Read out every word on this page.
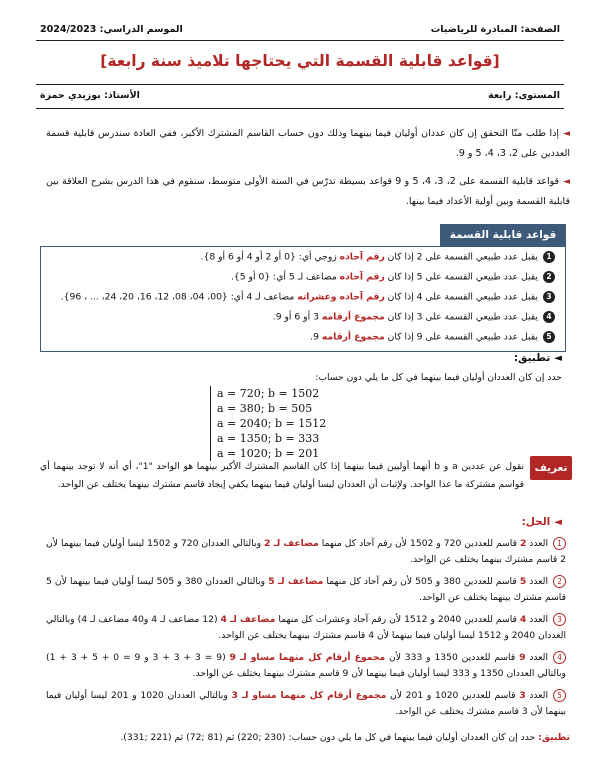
الصفحة: المبادرة للرياضيات
الموسم الدراسي: 2024/2023
[قواعد قابلية القسمة التي يحتاجها تلاميذ سنة رابعة]
المستوى: رابعة
الأستاذ: بوزيدي حمزة
◄إذا طلب منّا التحقق إن كان عددان أوليان فيما بينهما وذلك دون حساب القاسم المشترك الأكبر، ففي العادة سندرس قابلية قسمة العددين على 2، 3، 4، 5 و 9.
◄قواعد قابلية القسمة على 2، 3، 4، 5 و 9 قواعد بسيطة تدرّس في السنة الأولى متوسط، سنقوم في هذا الدرس بشرح العلاقة بين قابلية القسمة وبين أولية الأعداد فيما بينها.
قواعد قابلية القسمة
1يقبل عدد طبيعي القسمة على 2 إذا كان رقم آحاده زوجي أي: {0 أو 2 أو 4 أو 6 أو 8}.
2يقبل عدد طبيعي القسمة على 5 إذا كان رقم آحاده مضاعف لـ 5 أي: {0 أو 5}.
3يقبل عدد طبيعي القسمة على 4 إذا كان رقم آحاده وعشراته مضاعف لـ 4 أي: {00، 04، 08، 12، 16، 20، 24، ... ، 96}.
4يقبل عدد طبيعي القسمة على 3 إذا كان مجموع أرقامه 3 أو 6 أو 9.
5يقبل عدد طبيعي القسمة على 9 إذا كان مجموع أرقامه 9.
◄ تطبيق:
حدد إن كان العددان أوليان فيما بينهما في كل ما يلي دون حساب:
a = 720; b = 1502
a = 380; b = 505
a = 2040; b = 1512
a = 1350; b = 333
a = 1020; b = 201
تعريف
نقول عن عددين a و b أنهما أوليين فيما بينهما إذا كان القاسم المشترك الأكبر بينهما هو الواحد "1"، أي أنه لا توجد بينهما أي قواسم مشتركة ما عدا الواحد. ولإثبات أن العددان ليسا أوليان فيما بينهما يكفي إيجاد قاسم مشترك بينهما يختلف عن الواحد.
◄ الحل:
1العدد 2 قاسم للعددين 720 و 1502 لأن رقم آحاد كل منهما مضاعف لـ 2 وبالتالي العددان 720 و 1502 ليسا أوليان فيما بينهما لأن 2 قاسم مشترك بينهما يختلف عن الواحد.
2العدد 5 قاسم للعددين 380 و 505 لأن رقم آحاد كل منهما مضاعف لـ 5 وبالتالي العددان 380 و 505 ليسا أوليان فيما بينهما لأن 5 قاسم مشترك بينهما يختلف عن الواحد.
3العدد 4 قاسم للعددين 2040 و 1512 لأن رقم آحاد وعشرات كل منهما مضاعف لـ 4 (12 مضاعف لـ 4 و40 مضاعف لـ 4) وبالتالي العددان 2040 و 1512 ليسا أوليان فيما بينهما لأن 4 قاسم مشترك بينهما يختلف عن الواحد.
4العدد 9 قاسم للعددين 1350 و 333 لأن مجموع أرقام كل منهما مساو لـ 9 (9 = 3 + 3 + 3 و 9 = 0 + 5 + 3 + 1) وبالتالي العددان 1350 و 333 ليسا أوليان فيما بينهما لأن 9 قاسم مشترك بينهما يختلف عن الواحد.
5العدد 3 قاسم للعددين 1020 و 201 لأن مجموع أرقام كل منهما مساو لـ 3 وبالتالي العددان 1020 و 201 ليسا أوليان فيما بينهما لأن 3 قاسم مشترك يختلف عن الواحد.
تطبيق: حدد إن كان العددان أوليان فيما بينهما في كل ما يلي دون حساب: (230 ;220) ثم (81 ;72) ثم (221 ;331).
